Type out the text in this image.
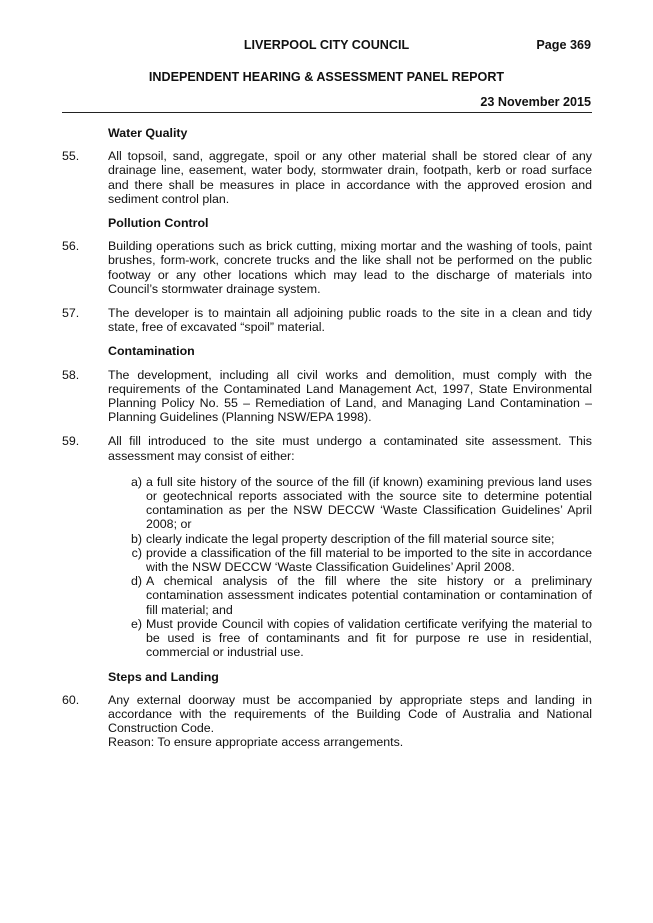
LIVERPOOL CITY COUNCIL	Page 369
INDEPENDENT HEARING & ASSESSMENT PANEL REPORT
23 November 2015
Water Quality
55.	All topsoil, sand, aggregate, spoil or any other material shall be stored clear of any drainage line, easement, water body, stormwater drain, footpath, kerb or road surface and there shall be measures in place in accordance with the approved erosion and sediment control plan.
Pollution Control
56.	Building operations such as brick cutting, mixing mortar and the washing of tools, paint brushes, form-work, concrete trucks and the like shall not be performed on the public footway or any other locations which may lead to the discharge of materials into Council’s stormwater drainage system.
57.	The developer is to maintain all adjoining public roads to the site in a clean and tidy state, free of excavated “spoil” material.
Contamination
58.	The development, including all civil works and demolition, must comply with the requirements of the Contaminated Land Management Act, 1997, State Environmental Planning Policy No. 55 – Remediation of Land, and Managing Land Contamination – Planning Guidelines (Planning NSW/EPA 1998).
59.	All fill introduced to the site must undergo a contaminated site assessment. This assessment may consist of either:

a) a full site history of the source of the fill (if known) examining previous land uses or geotechnical reports associated with the source site to determine potential contamination as per the NSW DECCW ‘Waste Classification Guidelines’ April 2008; or
b) clearly indicate the legal property description of the fill material source site;
c) provide a classification of the fill material to be imported to the site in accordance with the NSW DECCW ‘Waste Classification Guidelines’ April 2008.
d) A chemical analysis of the fill where the site history or a preliminary contamination assessment indicates potential contamination or contamination of fill material; and
e) Must provide Council with copies of validation certificate verifying the material to be used is free of contaminants and fit for purpose re use in residential, commercial or industrial use.
Steps and Landing
60.	Any external doorway must be accompanied by appropriate steps and landing in accordance with the requirements of the Building Code of Australia and National Construction Code.

Reason: To ensure appropriate access arrangements.
